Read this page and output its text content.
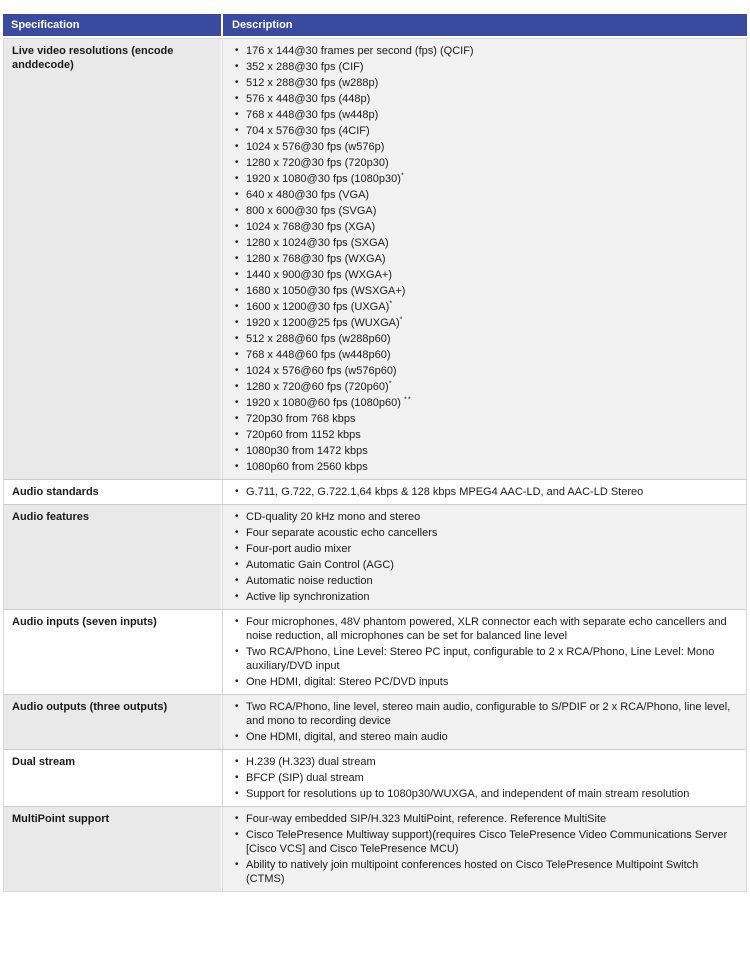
Specification	Description
Live video resolutions (encode anddecode)
• 176 x 144@30 frames per second (fps) (QCIF)
• 352 x 288@30 fps (CIF)
• 512 x 288@30 fps (w288p)
• 576 x 448@30 fps (448p)
• 768 x 448@30 fps (w448p)
• 704 x 576@30 fps (4CIF)
• 1024 x 576@30 fps (w576p)
• 1280 x 720@30 fps (720p30)
• 1920 x 1080@30 fps (1080p30)*
• 640 x 480@30 fps (VGA)
• 800 x 600@30 fps (SVGA)
• 1024 x 768@30 fps (XGA)
• 1280 x 1024@30 fps (SXGA)
• 1280 x 768@30 fps (WXGA)
• 1440 x 900@30 fps (WXGA+)
• 1680 x 1050@30 fps (WSXGA+)
• 1600 x 1200@30 fps (UXGA)*
• 1920 x 1200@25 fps (WUXGA)*
• 512 x 288@60 fps (w288p60)
• 768 x 448@60 fps (w448p60)
• 1024 x 576@60 fps (w576p60)
• 1280 x 720@60 fps (720p60)*
• 1920 x 1080@60 fps (1080p60) **
• 720p30 from 768 kbps
• 720p60 from 1152 kbps
• 1080p30 from 1472 kbps
• 1080p60 from 2560 kbps
Audio standards	• G.711, G.722, G.722.1,64 kbps & 128 kbps MPEG4 AAC-LD, and AAC-LD Stereo
Audio features	• CD-quality 20 kHz mono and stereo
• Four separate acoustic echo cancellers
• Four-port audio mixer
• Automatic Gain Control (AGC)
• Automatic noise reduction
• Active lip synchronization
Audio inputs (seven inputs)	• Four microphones, 48V phantom powered, XLR connector each with separate echo cancellers and noise reduction, all microphones can be set for balanced line level
• Two RCA/Phono, Line Level: Stereo PC input, configurable to 2 x RCA/Phono, Line Level: Mono auxiliary/DVD input
• One HDMI, digital: Stereo PC/DVD inputs
Audio outputs (three outputs)	• Two RCA/Phono, line level, stereo main audio, configurable to S/PDIF or 2 x RCA/Phono, line level, and mono to recording device
• One HDMI, digital, and stereo main audio
Dual stream	• H.239 (H.323) dual stream
• BFCP (SIP) dual stream
• Support for resolutions up to 1080p30/WUXGA, and independent of main stream resolution
MultiPoint support	• Four-way embedded SIP/H.323 MultiPoint, reference. Reference MultiSite
• Cisco TelePresence Multiway support)(requires Cisco TelePresence Video Communications Server [Cisco VCS] and Cisco TelePresence MCU)
• Ability to natively join multipoint conferences hosted on Cisco TelePresence Multipoint Switch (CTMS)
